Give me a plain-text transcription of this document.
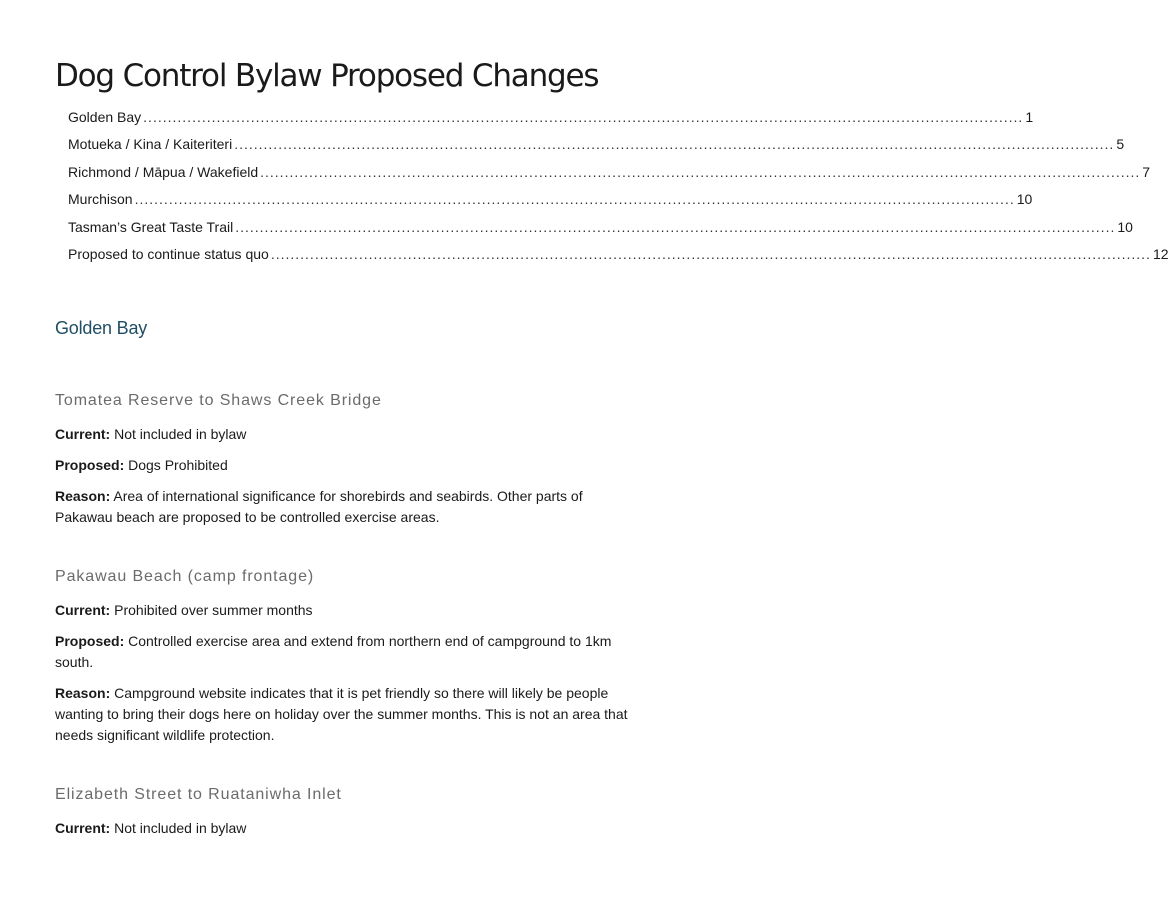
Dog Control Bylaw Proposed Changes
Golden Bay .................................................................................................................................................................................... 1
Motueka / Kina / Kaiteriteri .................................................................................................................................................................................... 5
Richmond / Māpua / Wakefield .................................................................................................................................................................................... 7
Murchison .................................................................................................................................................................................... 10
Tasman’s Great Taste Trail .................................................................................................................................................................................... 10
Proposed to continue status quo .................................................................................................................................................................................... 12
Golden Bay
Tomatea Reserve to Shaws Creek Bridge

Current: Not included in bylaw

Proposed: Dogs Prohibited

Reason: Area of international significance for shorebirds and seabirds. Other parts of Pakawau beach are proposed to be controlled exercise areas.

Pakawau Beach (camp frontage)

Current: Prohibited over summer months

Proposed: Controlled exercise area and extend from northern end of campground to 1km south.

Reason: Campground website indicates that it is pet friendly so there will likely be people wanting to bring their dogs here on holiday over the summer months. This is not an area that needs significant wildlife protection.

Elizabeth Street to Ruataniwha Inlet

Current: Not included in bylaw
